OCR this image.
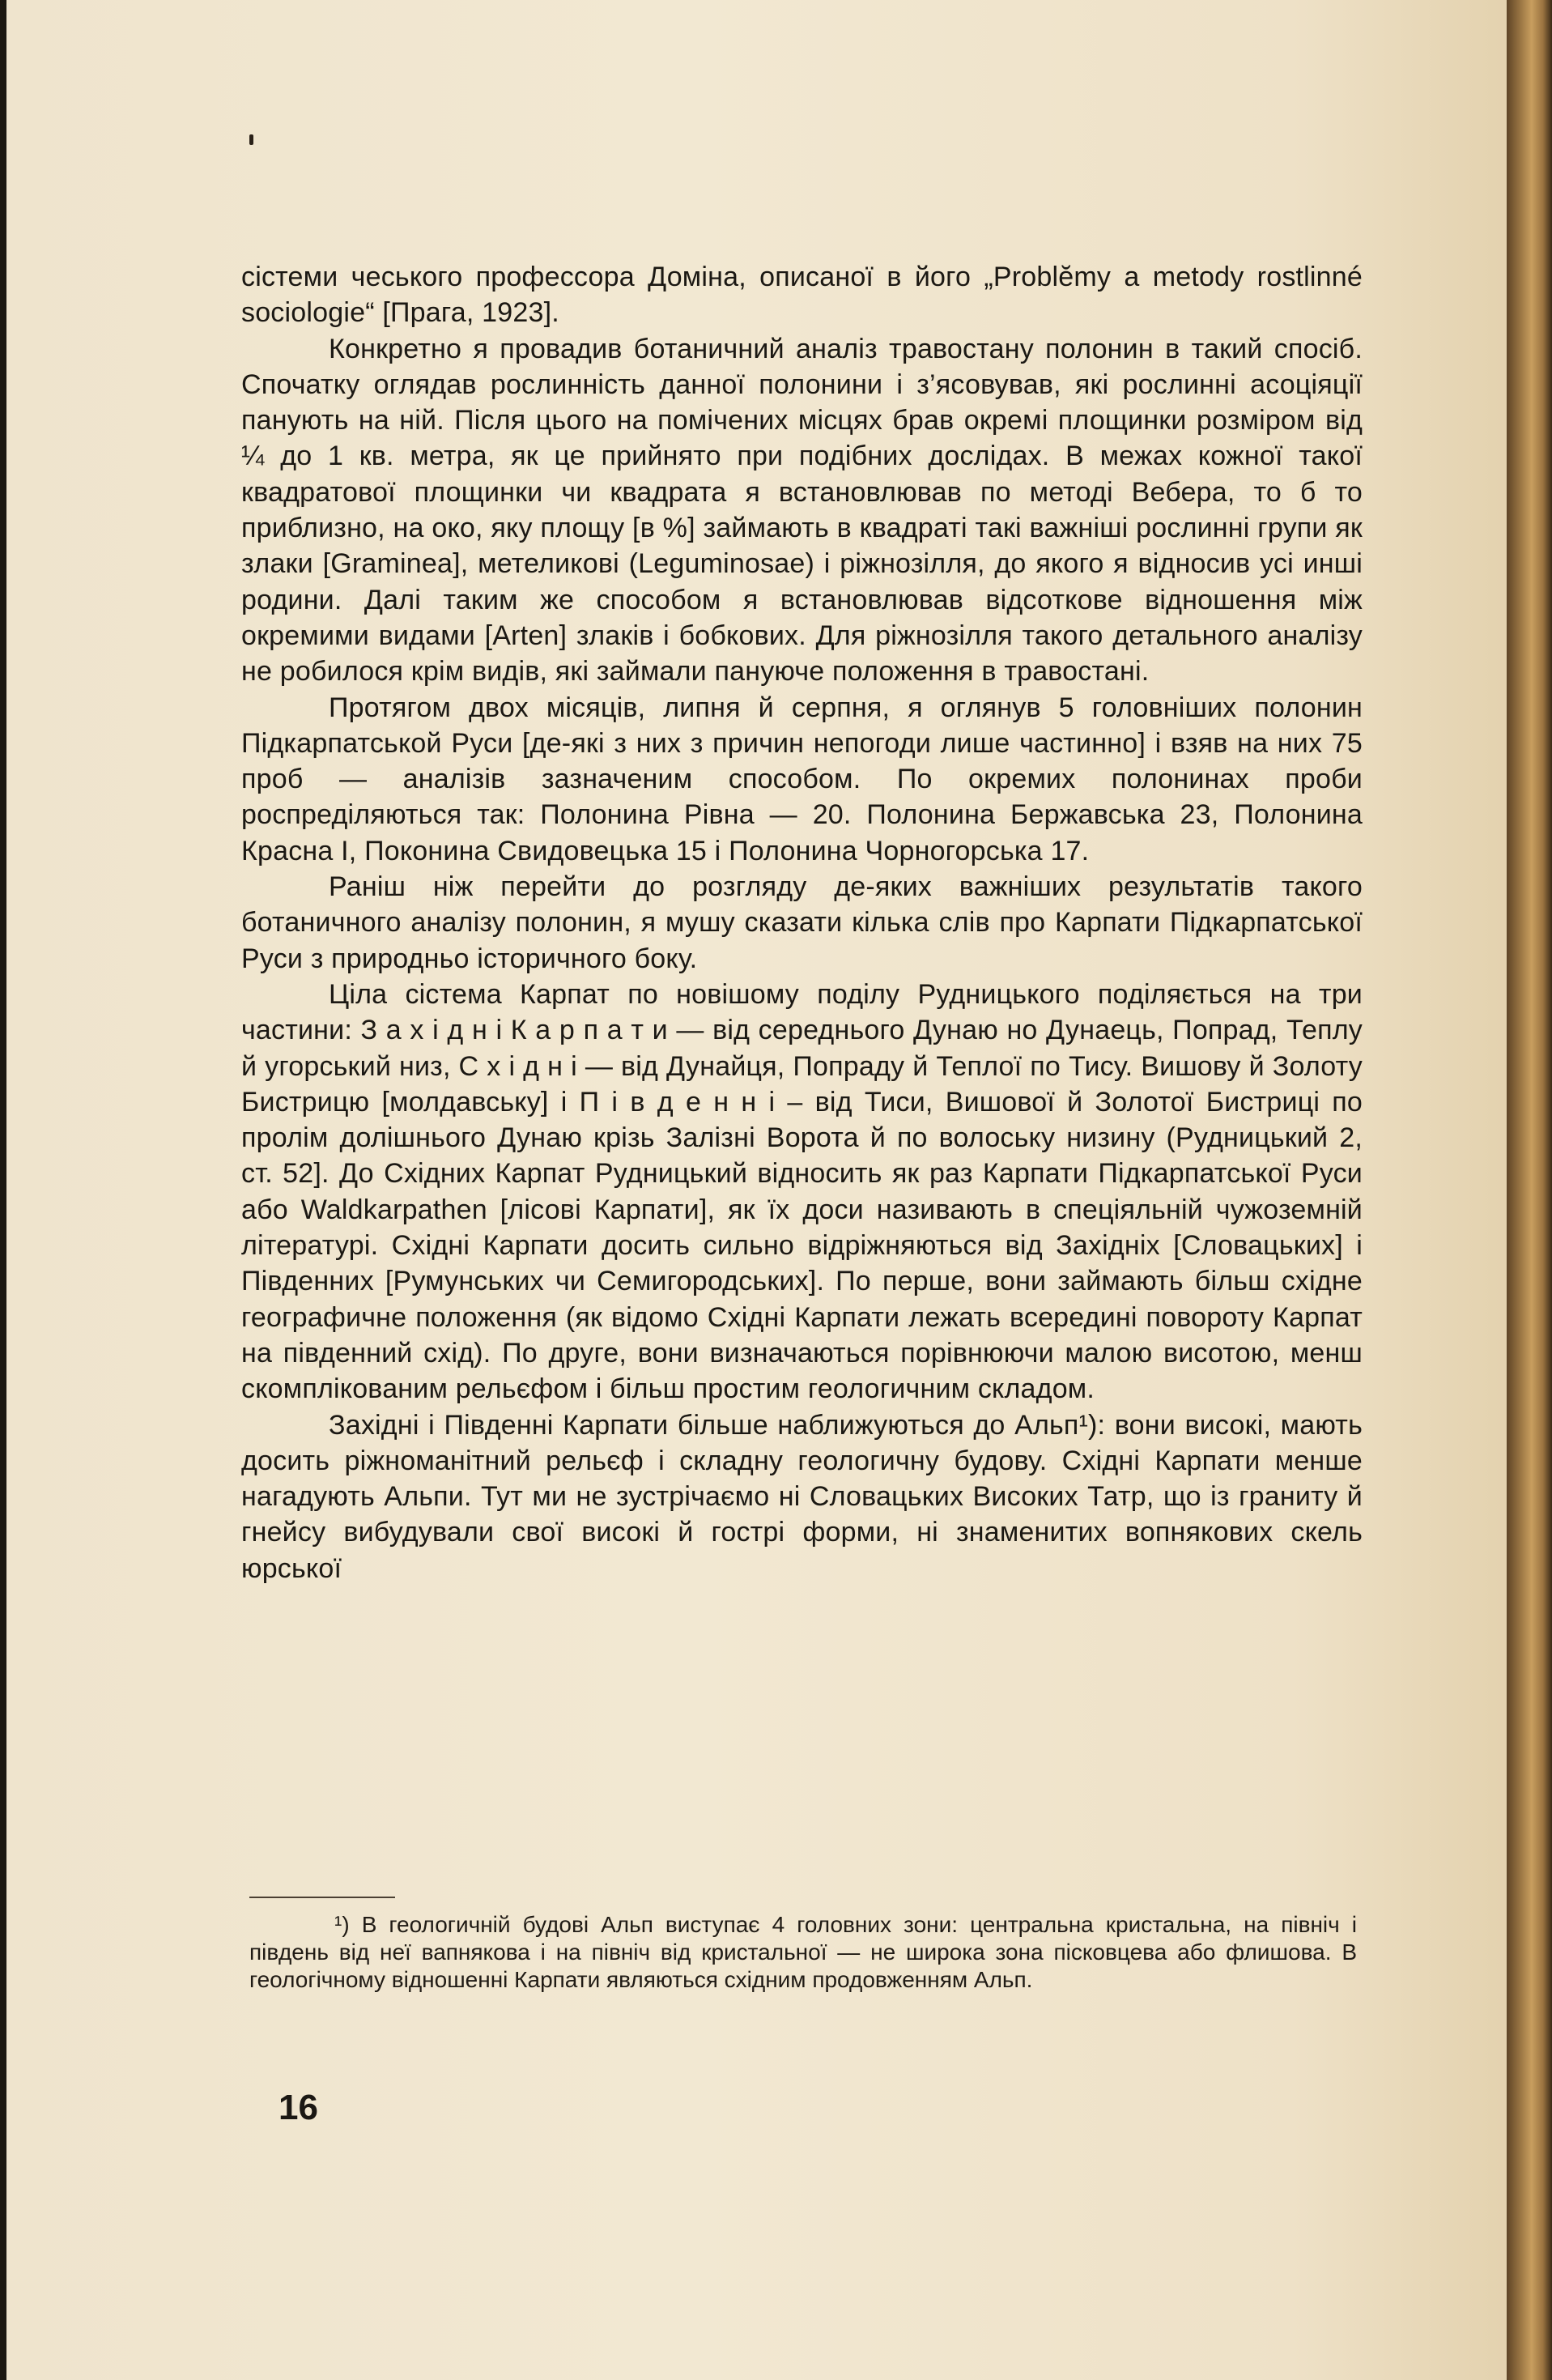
сістеми чеського профессора Доміна, описаної в його „Problĕmy a metody rostlinné sociologie“ [Прага, 1923].

Конкретно я провадив ботаничний аналіз травостану полонин в такий спосіб. Спочатку оглядав рослинність данної полонини і з’ясовував, які рослинні асоціяції панують на ній. Після цього на помічених місцях брав окремі площинки розміром від ¼ до 1 кв. метра, як це прийнято при подібних дослідах. В межах кожної такої квадратової площинки чи квадрата я встановлював по методі Вебера, то б то приблизно, на око, яку площу [в %] займають в квадраті такі важніші рослинні групи як злаки [Gramineа], метеликові (Leguminosae) і ріжнозілля, до якого я відносив усі инші родини. Далі таким же способом я встановлював відсоткове відношення між окремими видами [Arten] злаків і бобкових. Для ріжнозілля такого детального аналізу не робилося крім видів, які займали пануюче положення в травостані.

Протягом двох місяців, липня й серпня, я оглянув 5 головніших полонин Підкарпатськой Руси [де-які з них з причин непогоди лише частинно] і взяв на них 75 проб — аналізів зазначеним способом. По окремих полонинах проби роспреділяються так: Полонина Рівна — 20. Полонина Бержавська 23, Полонина Красна І, Поконина Свидовецька 15 і Полонина Чорногорська 17.

Раніш ніж перейти до розгляду де-яких важніших результатів такого ботаничного аналізу полонин, я мушу сказати кілька слів про Карпати Підкарпатської Руси з природньо історичного боку.

Ціла сістема Карпат по новішому поділу Рудницького поділяється на три частини: З а х і д н і К а р п а т и — від середнього Дунаю но Дунаець, Попрад, Теплу й угорський низ, С х і д н і — від Дунайця, Попраду й Теплої по Тису. Вишову й Золоту Бистрицю [молдавську] і П і в д е н н і – від Тиси, Вишової й Золотої Бистриці по пролім долішнього Дунаю крізь Залізні Ворота й по волоську низину (Рудницький 2, ст. 52]. До Східних Карпат Рудницький відносить як раз Карпати Підкарпатської Руси або Waldkarpathen [лісові Карпати], як їх доси називають в спеціяльній чужоземній літературі. Східні Карпати досить сильно відріжняються від Західніх [Словацьких] і Південних [Румунських чи Семигородських]. По перше, вони займають більш східне географичне положення (як відомо Східні Карпати лежать всередині повороту Карпат на південний схід). По друге, вони визначаються порівнюючи малою висотою, менш скомплікованим рельєфом і більш простим геологичним складом.

Західні і Південні Карпати більше наближуються до Альп¹): вони високі, мають досить ріжноманітний рельєф і складну геологичну будову. Східні Карпати менше нагадують Альпи. Тут ми не зустрічаємо ні Словацьких Високих Татр, що із граниту й гнейсу вибудували свої високі й гострі форми, ні знаменитих вопнякових скель юрської

¹) В геологичній будові Альп виступає 4 головних зони: центральна кристальна, на північ і південь від неї вапнякова і на північ від кристальної — не широка зона пісковцева або флишова. В геологічному відношенні Карпати являються східним продовженням Альп.

16
